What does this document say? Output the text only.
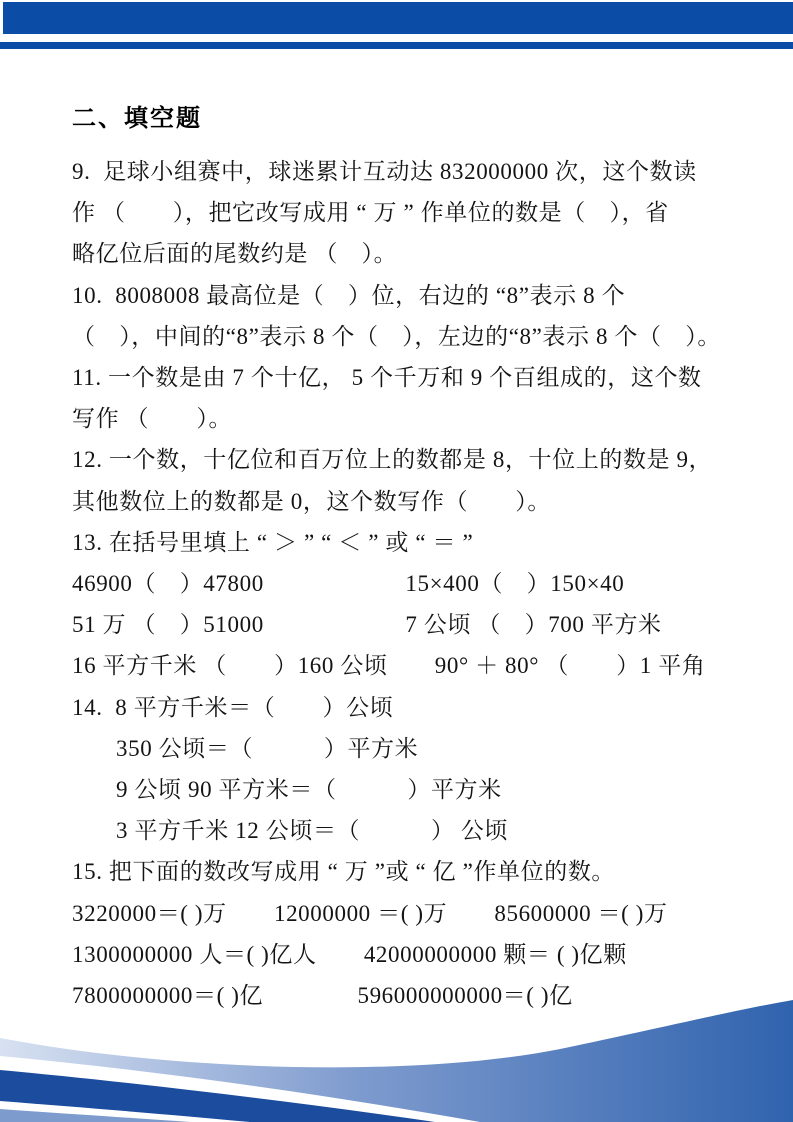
二、填空题
9.  足球小组赛中，球迷累计互动达 832000000 次，这个数读
作 （　　），把它改写成用 “ 万 ” 作单位的数是（　），省
略亿位后面的尾数约是 （　）。
10.  8008008 最高位是（　）位，右边的 “8”表示 8 个
（　），中间的“8”表示 8 个（　），左边的“8”表示 8 个（　）。
11. 一个数是由 7 个十亿， 5 个千万和 9 个百组成的，这个数
写作 （　　）。
12. 一个数，十亿位和百万位上的数都是 8，十位上的数是 9，
其他数位上的数都是 0，这个数写作（　　）。
13. 在括号里填上 “ ＞ ” “ ＜ ” 或 “ ＝ ”
46900（　）47800　　　　　　15×400（　）150×40
51 万 （　）51000　　　　　　7 公顷 （　）700 平方米
16 平方千米 （　　）160 公顷　　90° ＋ 80° （　　）1 平角
14.  8 平方千米＝（　　）公顷
350 公顷＝（　　　）平方米
9 公顷 90 平方米＝（　　　）平方米
3 平方千米 12 公顷＝（　　　） 公顷
15. 把下面的数改写成用 “ 万 ”或 “ 亿 ”作单位的数。
3220000＝( )万　　12000000 ＝( )万　　85600000 ＝( )万
1300000000 人＝( )亿人　　42000000000 颗＝ ( )亿颗
7800000000＝( )亿　　　　596000000000＝( )亿
